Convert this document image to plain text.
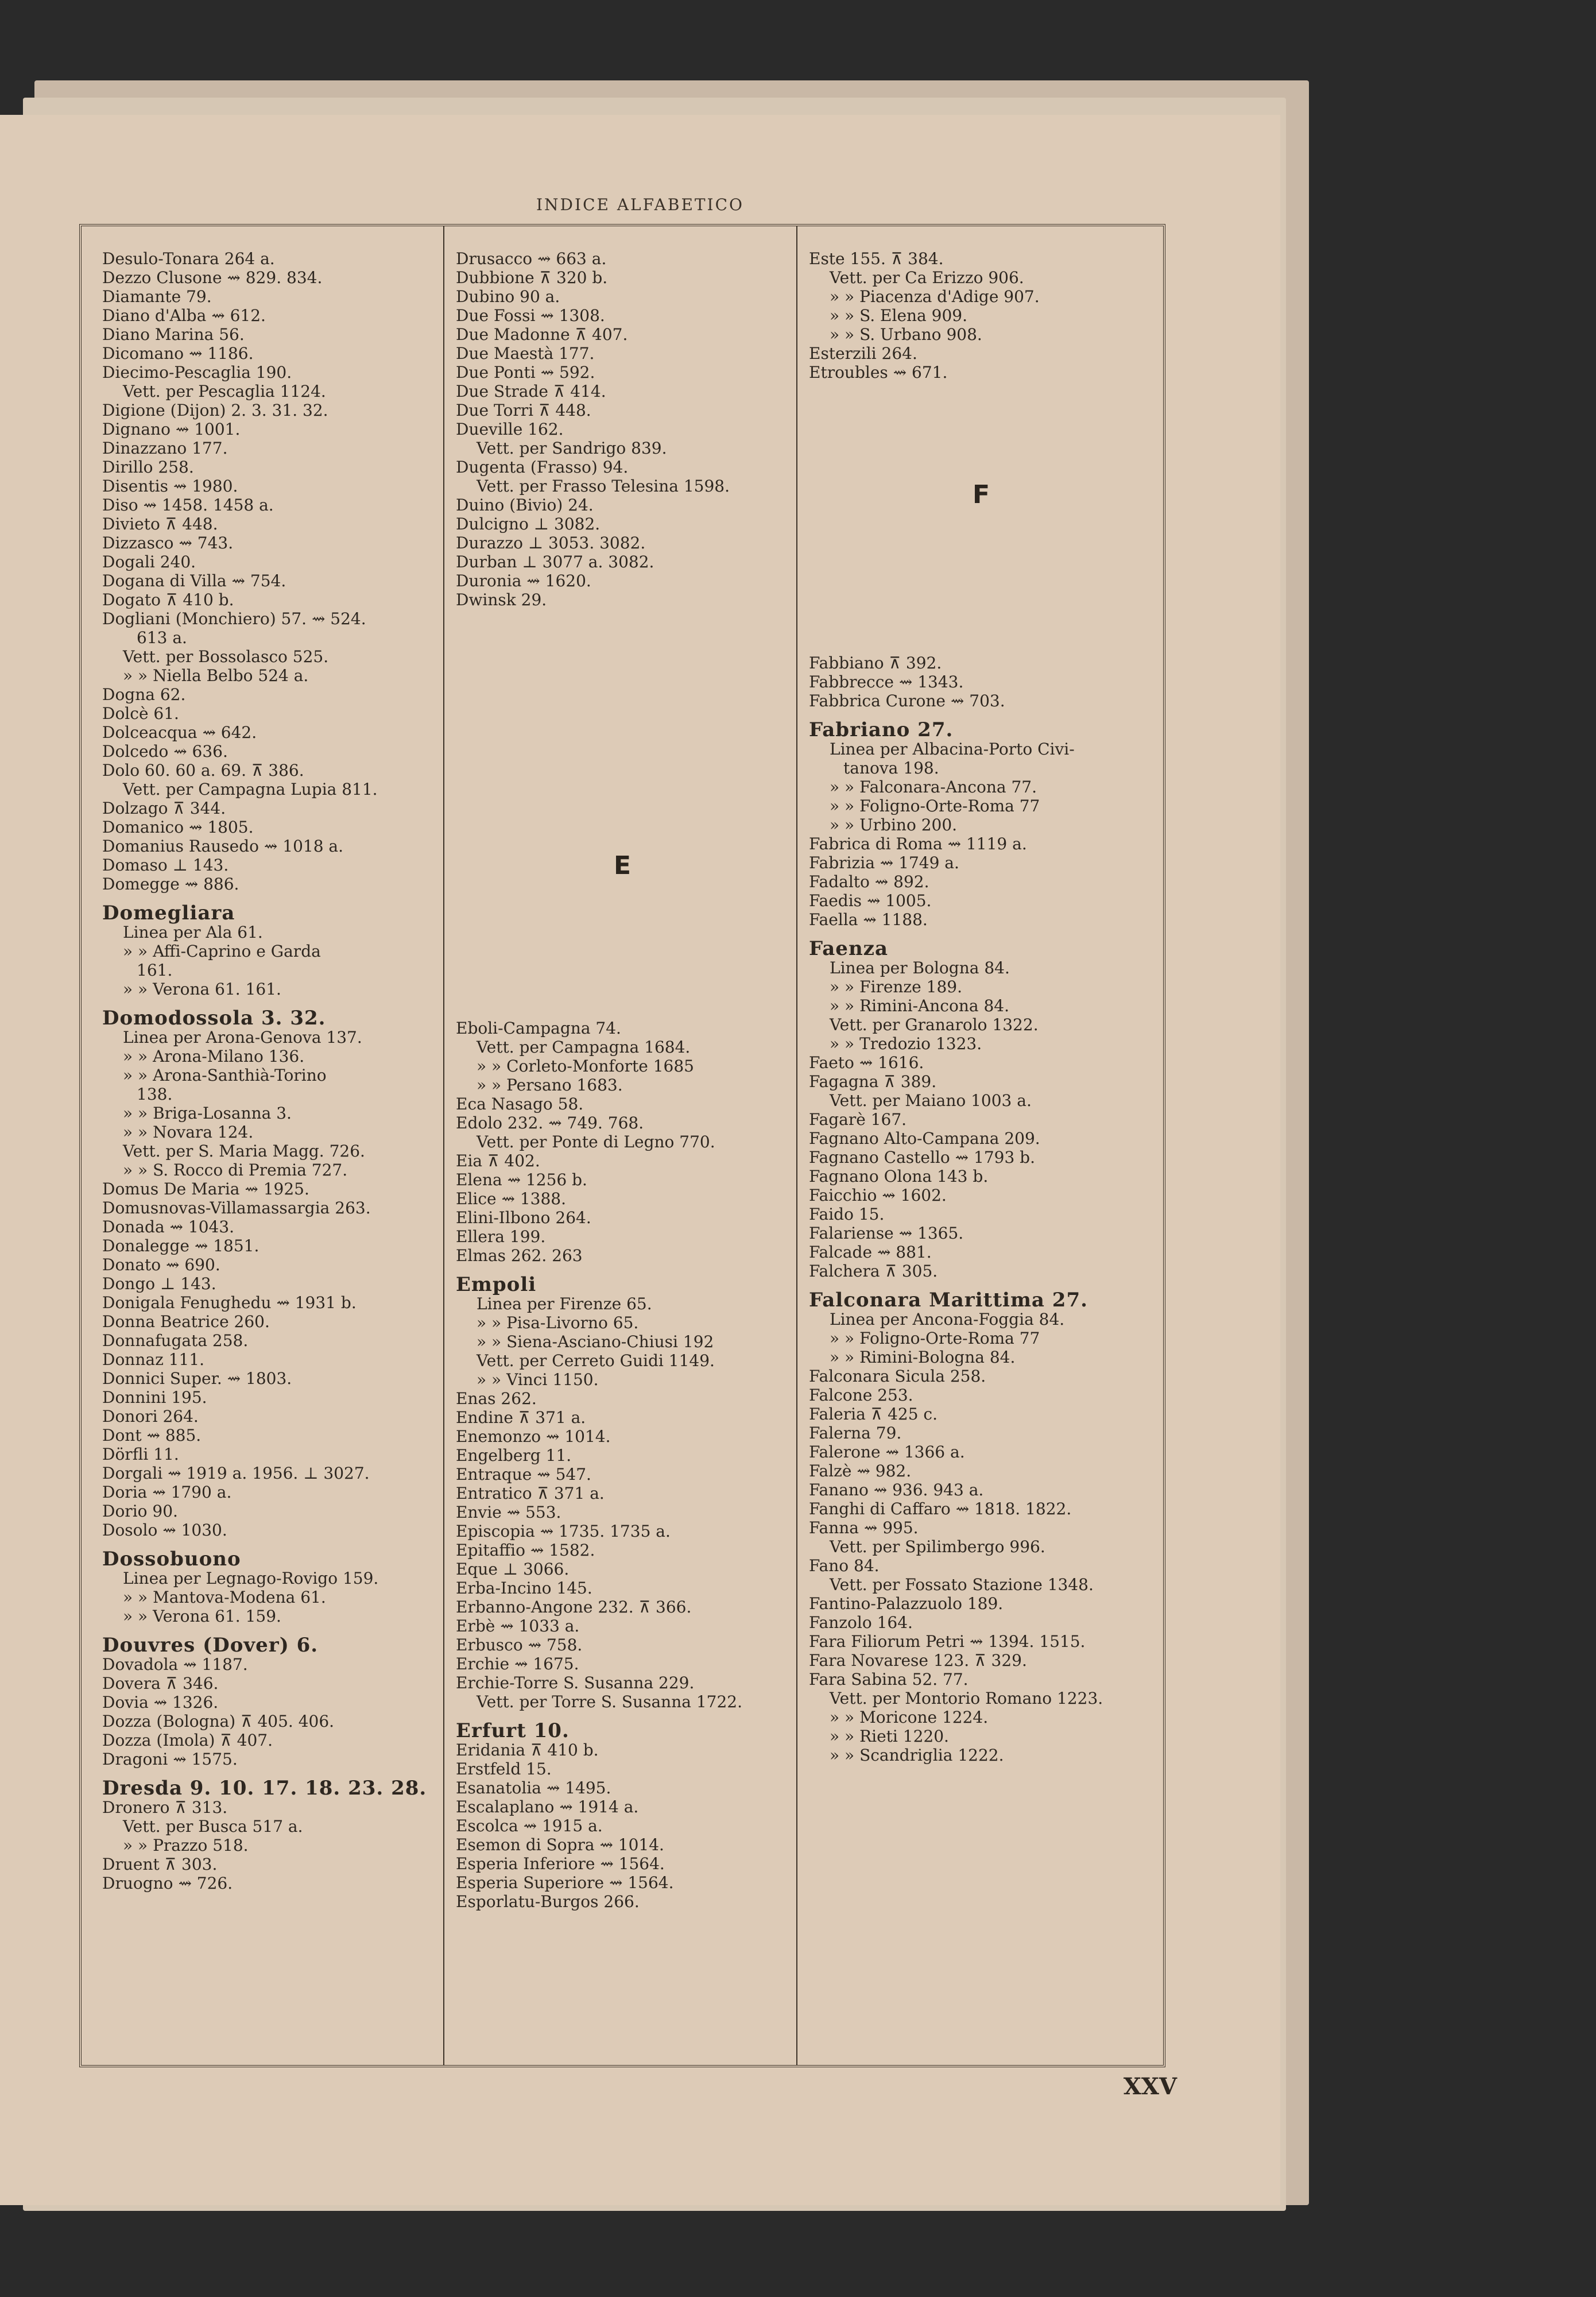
INDICE ALFABETICO
Desulo-Tonara 264 a.
Dezzo Clusone ⇝ 829. 834.
Diamante 79.
Diano d'Alba ⇝ 612.
Diano Marina 56.
Dicomano ⇝ 1186.
Diecimo-Pescaglia 190.
Vett. per Pescaglia 1124.
Digione (Dijon) 2. 3. 31. 32.
Dignano ⇝ 1001.
Dinazzano 177.
Dirillo 258.
Disentis ⇝ 1980.
Diso ⇝ 1458. 1458 a.
Divieto ⊼ 448.
Dizzasco ⇝ 743.
Dogali 240.
Dogana di Villa ⇝ 754.
Dogato ⊼ 410 b.
Dogliani (Monchiero) 57. ⇝ 524.
613 a.
Vett. per Bossolasco 525.
» » Niella Belbo 524 a.
Dogna 62.
Dolcè 61.
Dolceacqua ⇝ 642.
Dolcedo ⇝ 636.
Dolo 60. 60 a. 69. ⊼ 386.
Vett. per Campagna Lupia 811.
Dolzago ⊼ 344.
Domanico ⇝ 1805.
Domanius Rausedo ⇝ 1018 a.
Domaso ⊥ 143.
Domegge ⇝ 886.
Domegliara
Linea per Ala 61.
» » Affi-Caprino e Garda
161.
» » Verona 61. 161.
Domodossola 3. 32.
Linea per Arona-Genova 137.
» » Arona-Milano 136.
» » Arona-Santhià-Torino
138.
» » Briga-Losanna 3.
» » Novara 124.
Vett. per S. Maria Magg. 726.
» » S. Rocco di Premia 727.
Domus De Maria ⇝ 1925.
Domusnovas-Villamassargia 263.
Donada ⇝ 1043.
Donalegge ⇝ 1851.
Donato ⇝ 690.
Dongo ⊥ 143.
Donigala Fenughedu ⇝ 1931 b.
Donna Beatrice 260.
Donnafugata 258.
Donnaz 111.
Donnici Super. ⇝ 1803.
Donnini 195.
Donori 264.
Dont ⇝ 885.
Dörfli 11.
Dorgali ⇝ 1919 a. 1956. ⊥ 3027.
Doria ⇝ 1790 a.
Dorio 90.
Dosolo ⇝ 1030.
Dossobuono
Linea per Legnago-Rovigo 159.
» » Mantova-Modena 61.
» » Verona 61. 159.
Douvres (Dover) 6.
Dovadola ⇝ 1187.
Dovera ⊼ 346.
Dovia ⇝ 1326.
Dozza (Bologna) ⊼ 405. 406.
Dozza (Imola) ⊼ 407.
Dragoni ⇝ 1575.
Dresda 9. 10. 17. 18. 23. 28.
Dronero ⊼ 313.
Vett. per Busca 517 a.
» » Prazzo 518.
Druent ⊼ 303.
Druogno ⇝ 726.
Drusacco ⇝ 663 a.
Dubbione ⊼ 320 b.
Dubino 90 a.
Due Fossi ⇝ 1308.
Due Madonne ⊼ 407.
Due Maestà 177.
Due Ponti ⇝ 592.
Due Strade ⊼ 414.
Due Torri ⊼ 448.
Dueville 162.
Vett. per Sandrigo 839.
Dugenta (Frasso) 94.
Vett. per Frasso Telesina 1598.
Duino (Bivio) 24.
Dulcigno ⊥ 3082.
Durazzo ⊥ 3053. 3082.
Durban ⊥ 3077 a. 3082.
Duronia ⇝ 1620.
Dwinsk 29.
E
Eboli-Campagna 74.
Vett. per Campagna 1684.
» » Corleto-Monforte 1685
» » Persano 1683.
Eca Nasago 58.
Edolo 232. ⇝ 749. 768.
Vett. per Ponte di Legno 770.
Eia ⊼ 402.
Elena ⇝ 1256 b.
Elice ⇝ 1388.
Elini-Ilbono 264.
Ellera 199.
Elmas 262. 263
Empoli
Linea per Firenze 65.
» » Pisa-Livorno 65.
» » Siena-Asciano-Chiusi 192
Vett. per Cerreto Guidi 1149.
» » Vinci 1150.
Enas 262.
Endine ⊼ 371 a.
Enemonzo ⇝ 1014.
Engelberg 11.
Entraque ⇝ 547.
Entratico ⊼ 371 a.
Envie ⇝ 553.
Episcopia ⇝ 1735. 1735 a.
Epitaffio ⇝ 1582.
Eque ⊥ 3066.
Erba-Incino 145.
Erbanno-Angone 232. ⊼ 366.
Erbè ⇝ 1033 a.
Erbusco ⇝ 758.
Erchie ⇝ 1675.
Erchie-Torre S. Susanna 229.
Vett. per Torre S. Susanna 1722.
Erfurt 10.
Eridania ⊼ 410 b.
Erstfeld 15.
Esanatolia ⇝ 1495.
Escalaplano ⇝ 1914 a.
Escolca ⇝ 1915 a.
Esemon di Sopra ⇝ 1014.
Esperia Inferiore ⇝ 1564.
Esperia Superiore ⇝ 1564.
Esporlatu-Burgos 266.
Este 155. ⊼ 384.
Vett. per Ca Erizzo 906.
» » Piacenza d'Adige 907.
» » S. Elena 909.
» » S. Urbano 908.
Esterzili 264.
Etroubles ⇝ 671.
F
Fabbiano ⊼ 392.
Fabbrecce ⇝ 1343.
Fabbrica Curone ⇝ 703.
Fabriano 27.
Linea per Albacina-Porto Civi-
tanova 198.
» » Falconara-Ancona 77.
» » Foligno-Orte-Roma 77
» » Urbino 200.
Fabrica di Roma ⇝ 1119 a.
Fabrizia ⇝ 1749 a.
Fadalto ⇝ 892.
Faedis ⇝ 1005.
Faella ⇝ 1188.
Faenza
Linea per Bologna 84.
» » Firenze 189.
» » Rimini-Ancona 84.
Vett. per Granarolo 1322.
» » Tredozio 1323.
Faeto ⇝ 1616.
Fagagna ⊼ 389.
Vett. per Maiano 1003 a.
Fagarè 167.
Fagnano Alto-Campana 209.
Fagnano Castello ⇝ 1793 b.
Fagnano Olona 143 b.
Faicchio ⇝ 1602.
Faido 15.
Falariense ⇝ 1365.
Falcade ⇝ 881.
Falchera ⊼ 305.
Falconara Marittima 27.
Linea per Ancona-Foggia 84.
» » Foligno-Orte-Roma 77
» » Rimini-Bologna 84.
Falconara Sicula 258.
Falcone 253.
Faleria ⊼ 425 c.
Falerna 79.
Falerone ⇝ 1366 a.
Falzè ⇝ 982.
Fanano ⇝ 936. 943 a.
Fanghi di Caffaro ⇝ 1818. 1822.
Fanna ⇝ 995.
Vett. per Spilimbergo 996.
Fano 84.
Vett. per Fossato Stazione 1348.
Fantino-Palazzuolo 189.
Fanzolo 164.
Fara Filiorum Petri ⇝ 1394. 1515.
Fara Novarese 123. ⊼ 329.
Fara Sabina 52. 77.
Vett. per Montorio Romano 1223.
» » Moricone 1224.
» » Rieti 1220.
» » Scandriglia 1222.
XXV
